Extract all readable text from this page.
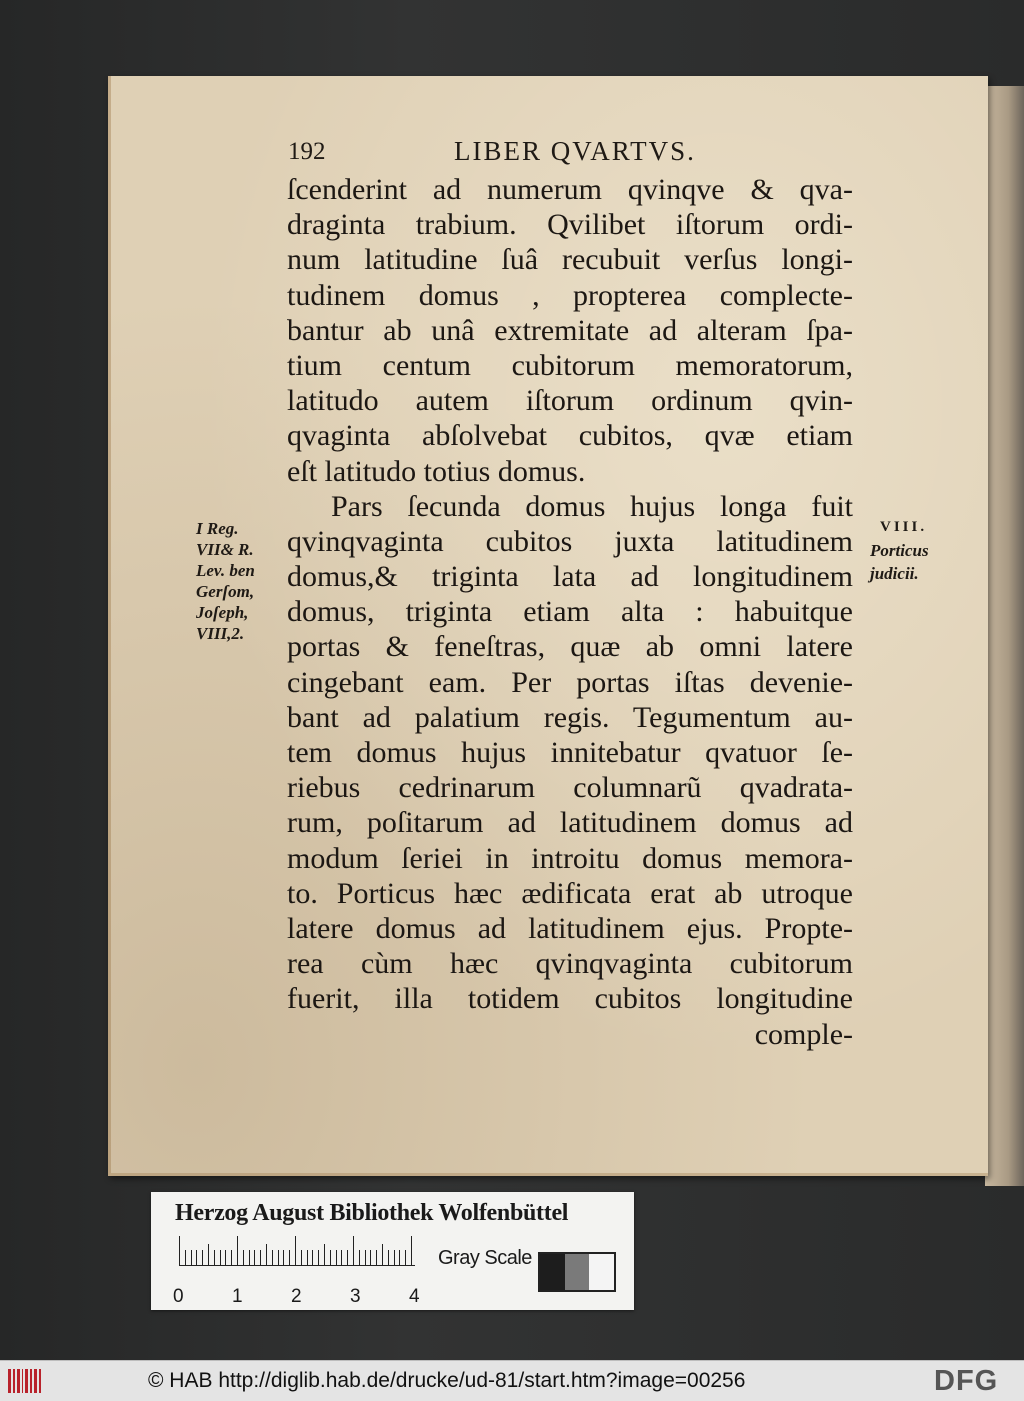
192	LIBER QVARTVS.
ſcenderint ad numerum qvinqve & qva-
draginta trabium. Qvilibet iſtorum ordi-
num latitudine ſuâ recubuit verſus longi-
tudinem domus , propterea complecte-
bantur ab unâ extremitate ad alteram ſpa-
tium centum cubitorum memoratorum,
latitudo autem iſtorum ordinum qvin-
qvaginta abſolvebat cubitos, qvæ etiam
eſt latitudo totius domus.
Pars ſecunda domus hujus longa fuit
qvinqvaginta cubitos juxta latitudinem
domus,& triginta lata ad longitudinem
domus, triginta etiam alta : habuitque
portas & feneſtras, quæ ab omni latere
cingebant eam. Per portas iſtas devenie-
bant ad palatium regis. Tegumentum au-
tem domus hujus innitebatur qvatuor ſe-
riebus cedrinarum columnarũ qvadrata-
rum, poſitarum ad latitudinem domus ad
modum ſeriei in introitu domus memora-
to. Porticus hæc ædificata erat ab utroque
latere domus ad latitudinem ejus. Propte-
rea cùm hæc qvinqvaginta cubitorum
fuerit, illa totidem cubitos longitudine
comple-
I Reg.
VII& R.
Lev. ben
Gerſom,
Joſeph,
VIII,2.
VIII.
Porticus
judicii.
Herzog August Bibliothek Wolfenbüttel
0	1	2	3	4
Gray Scale
© HAB http://diglib.hab.de/drucke/ud-81/start.htm?image=00256	DFG
